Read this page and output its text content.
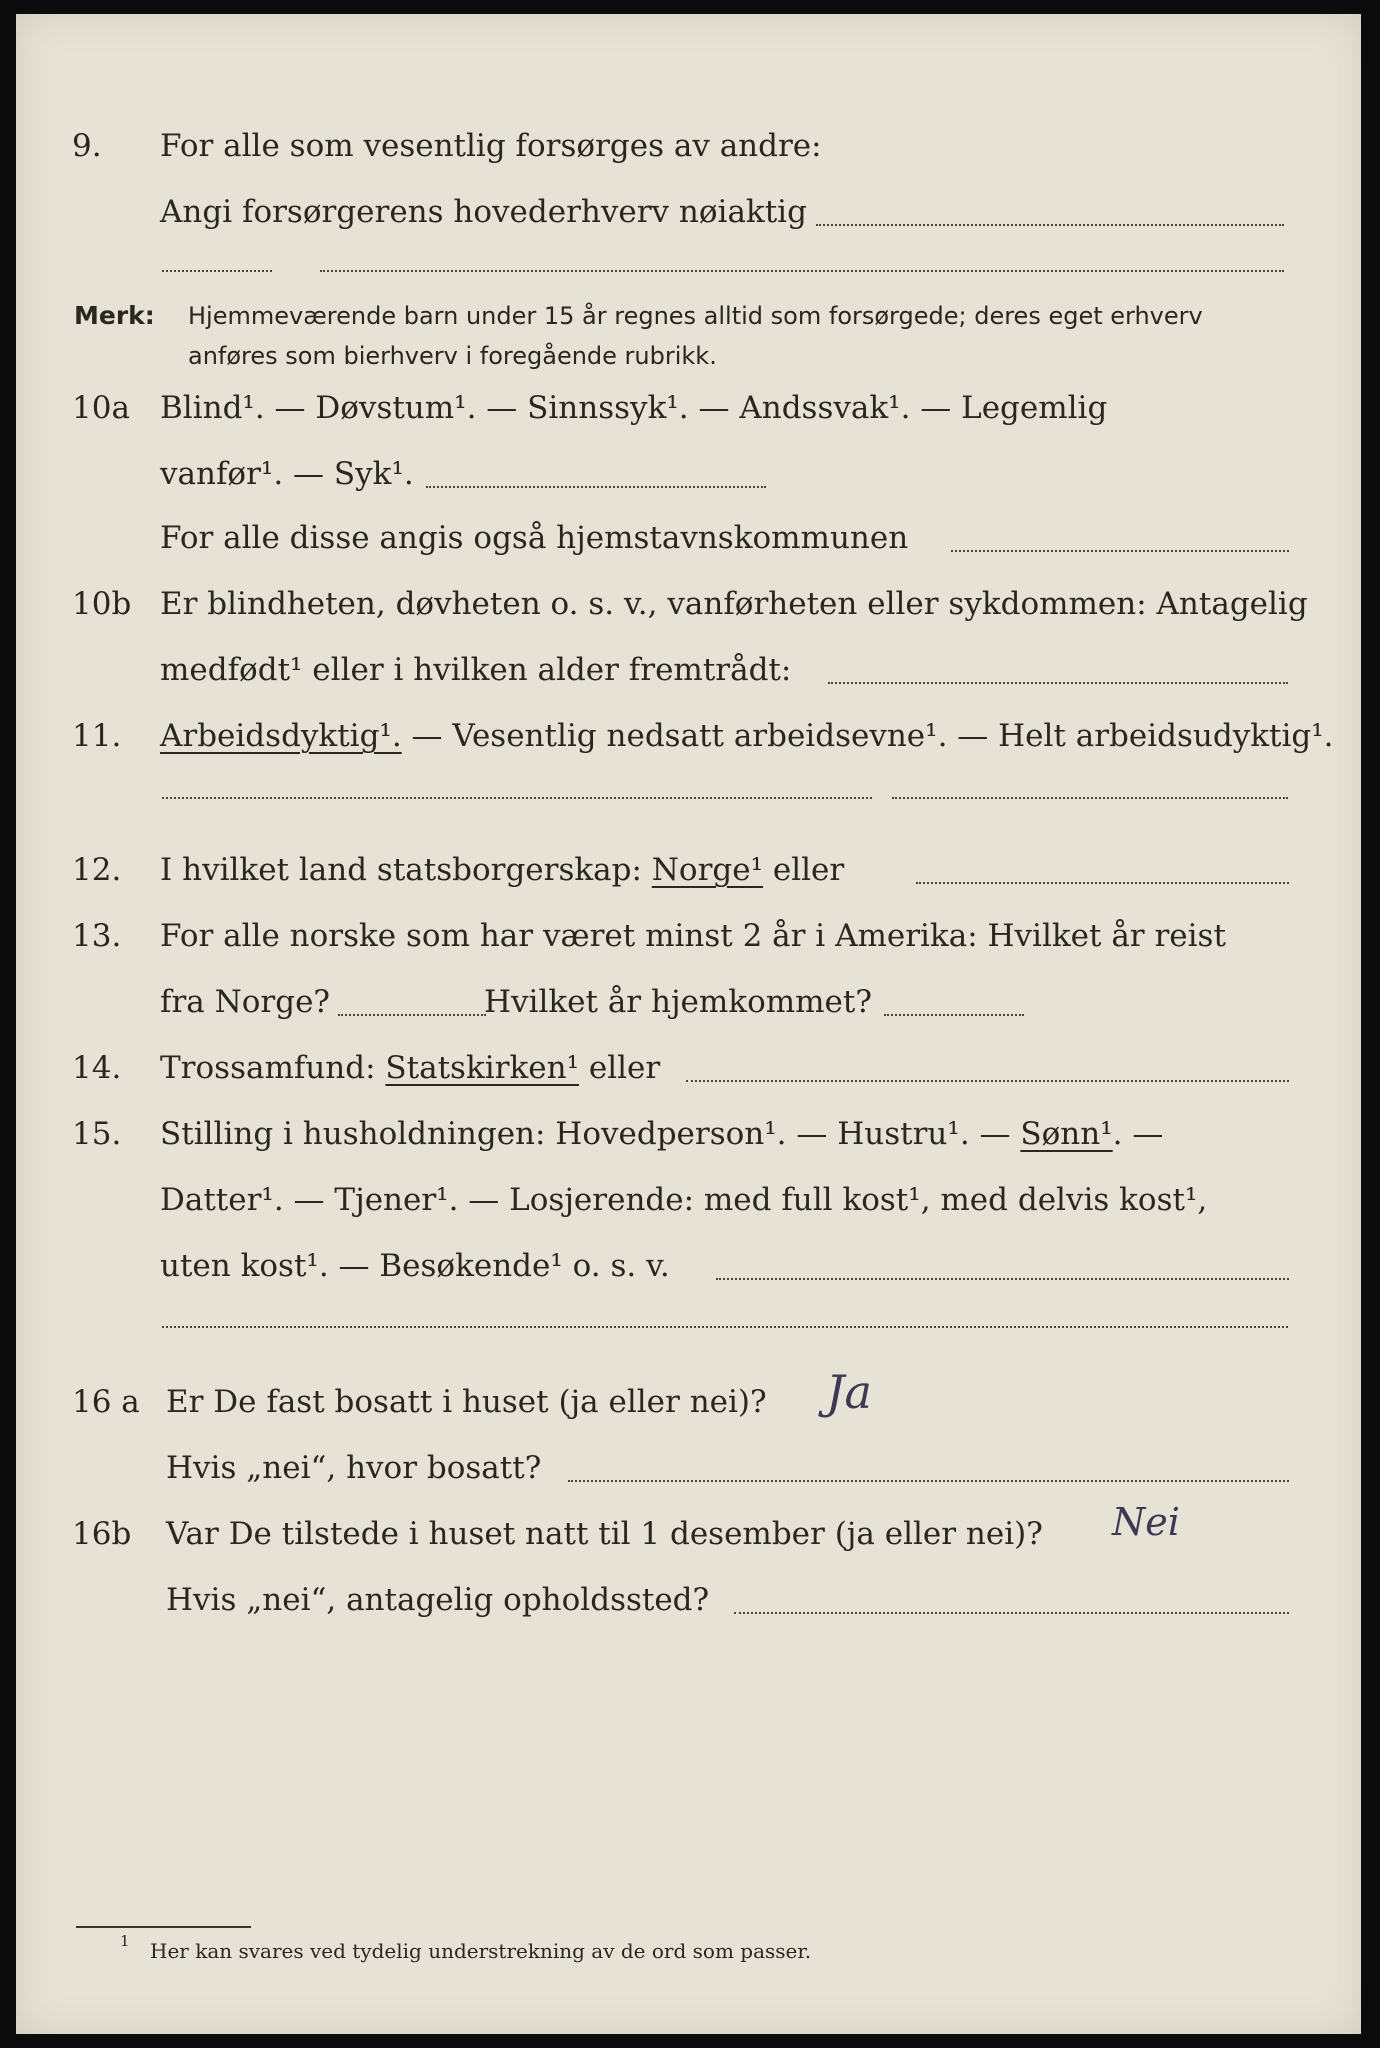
9. For alle som vesentlig forsørges av andre:
Angi forsørgerens hovederhverv nøiaktig
Merk: Hjemmeværende barn under 15 år regnes alltid som forsørgede; deres eget erhverv
anføres som bierhverv i foregående rubrikk.
10a Blind¹. — Døvstum¹. — Sinnssyk¹. — Andssvak¹. — Legemlig
vanfør¹. — Syk¹.
For alle disse angis også hjemstavnskommunen
10b Er blindheten, døvheten o. s. v., vanførheten eller sykdommen: Antagelig
medfødt¹ eller i hvilken alder fremtrådt:
11. Arbeidsdyktig¹. — Vesentlig nedsatt arbeidsevne¹. — Helt arbeidsudyktig¹.
12. I hvilket land statsborgerskap: Norge¹ eller
13. For alle norske som har været minst 2 år i Amerika: Hvilket år reist
fra Norge?	Hvilket år hjemkommet?
14. Trossamfund: Statskirken¹ eller
15. Stilling i husholdningen: Hovedperson¹. — Hustru¹. — Sønn¹. —
Datter¹. — Tjener¹. — Losjerende: med full kost¹, med delvis kost¹,
uten kost¹. — Besøkende¹ o. s. v.
16 a Er De fast bosatt i huset (ja eller nei)? Ja
Hvis „nei“, hvor bosatt?
16b Var De tilstede i huset natt til 1 desember (ja eller nei)? Nei
Hvis „nei“, antagelig opholdssted?
1 Her kan svares ved tydelig understrekning av de ord som passer.
